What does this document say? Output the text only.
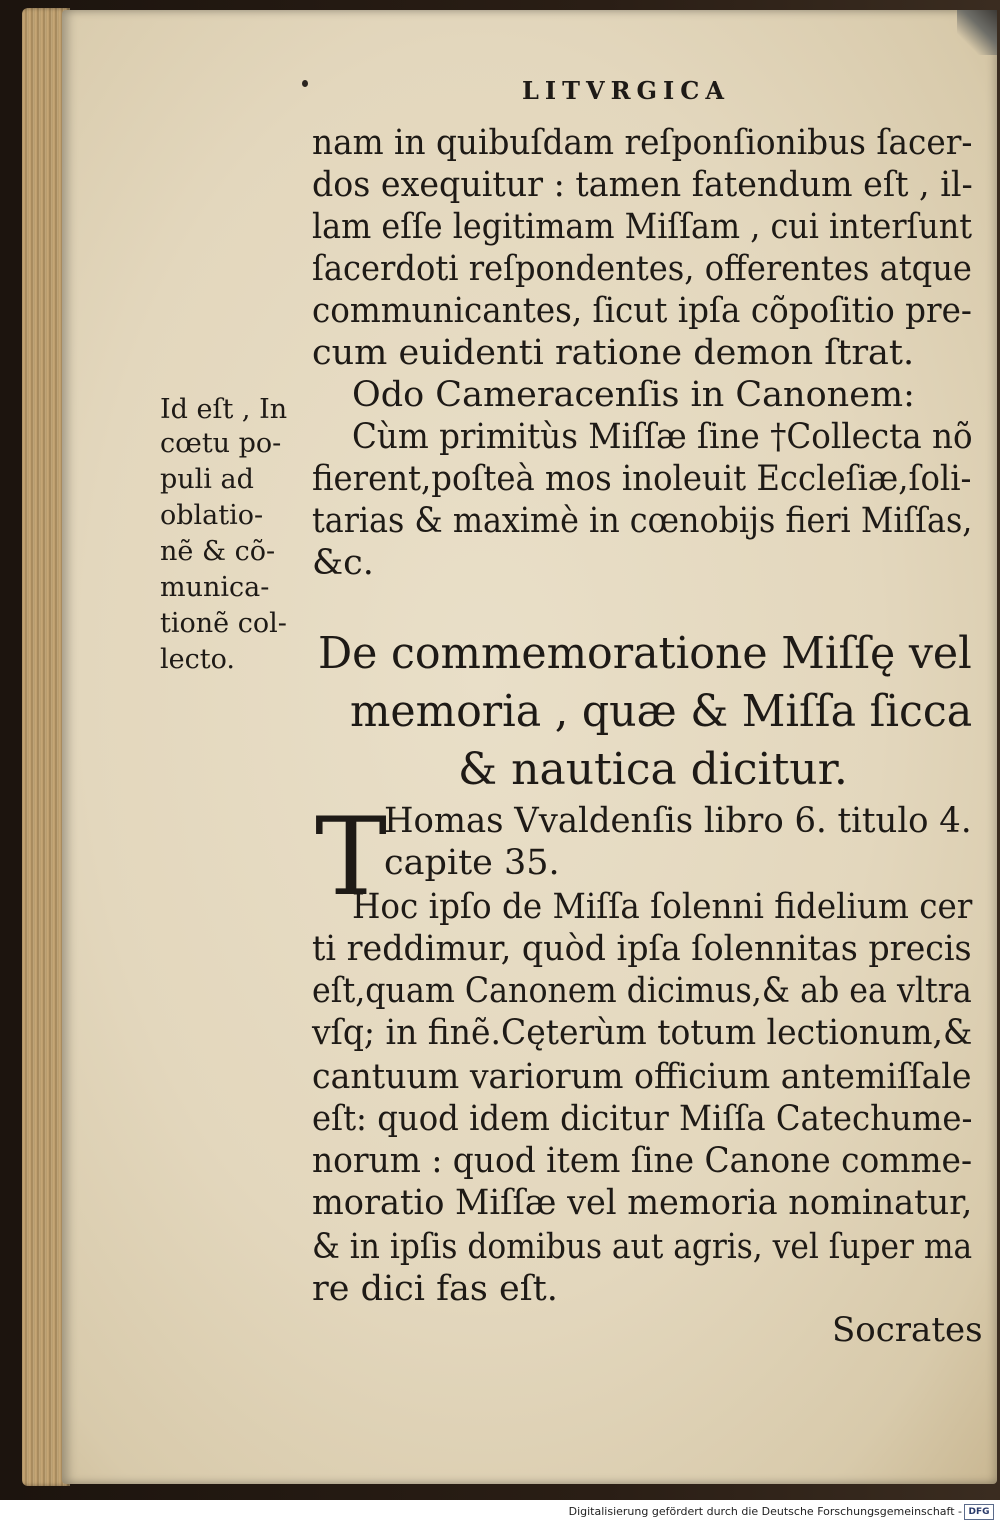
LITVRGICA
nam in quibuſdam reſponſionibus ſacer-
dos exequitur : tamen fatendum eſt , il-
lam eſſe legitimam Miſſam , cui interſunt
ſacerdoti reſpondentes, offerentes atque
communicantes, ſicut ipſa cõpoſitio pre-
cum euidenti ratione demon ſtrat.
Odo Cameracenſis in Canonem:
Cùm primitùs Miſſæ ſine †Collecta nõ
fierent,poſteà mos inoleuit Eccleſiæ,ſoli-
tarias & maximè in cœnobijs fieri Miſſas,
&c.
Id eſt , In
cœtu po-
puli ad
oblatio-
nẽ & cõ-
munica-
tionẽ col-
lecto. De commemoratione Miſſę vel
memoria , quæ & Miſſa ſicca
& nautica dicitur.
T
Homas Vvaldenſis libro 6. titulo 4.
capite 35.
Hoc ipſo de Miſſa ſolenni fidelium cer
ti reddimur, quòd ipſa ſolennitas precis
eſt,quam Canonem dicimus,& ab ea vltra
vſq; in finẽ.Cęterùm totum lectionum,&
cantuum variorum officium antemiſſale
eſt: quod idem dicitur Miſſa Catechume-
norum : quod item ſine Canone comme-
moratio Miſſæ vel memoria nominatur,
& in ipſis domibus aut agris, vel ſuper ma
re dici fas eſt.
Socrates
Digitalisierung gefördert durch die Deutsche Forschungsgemeinschaft - DFG
